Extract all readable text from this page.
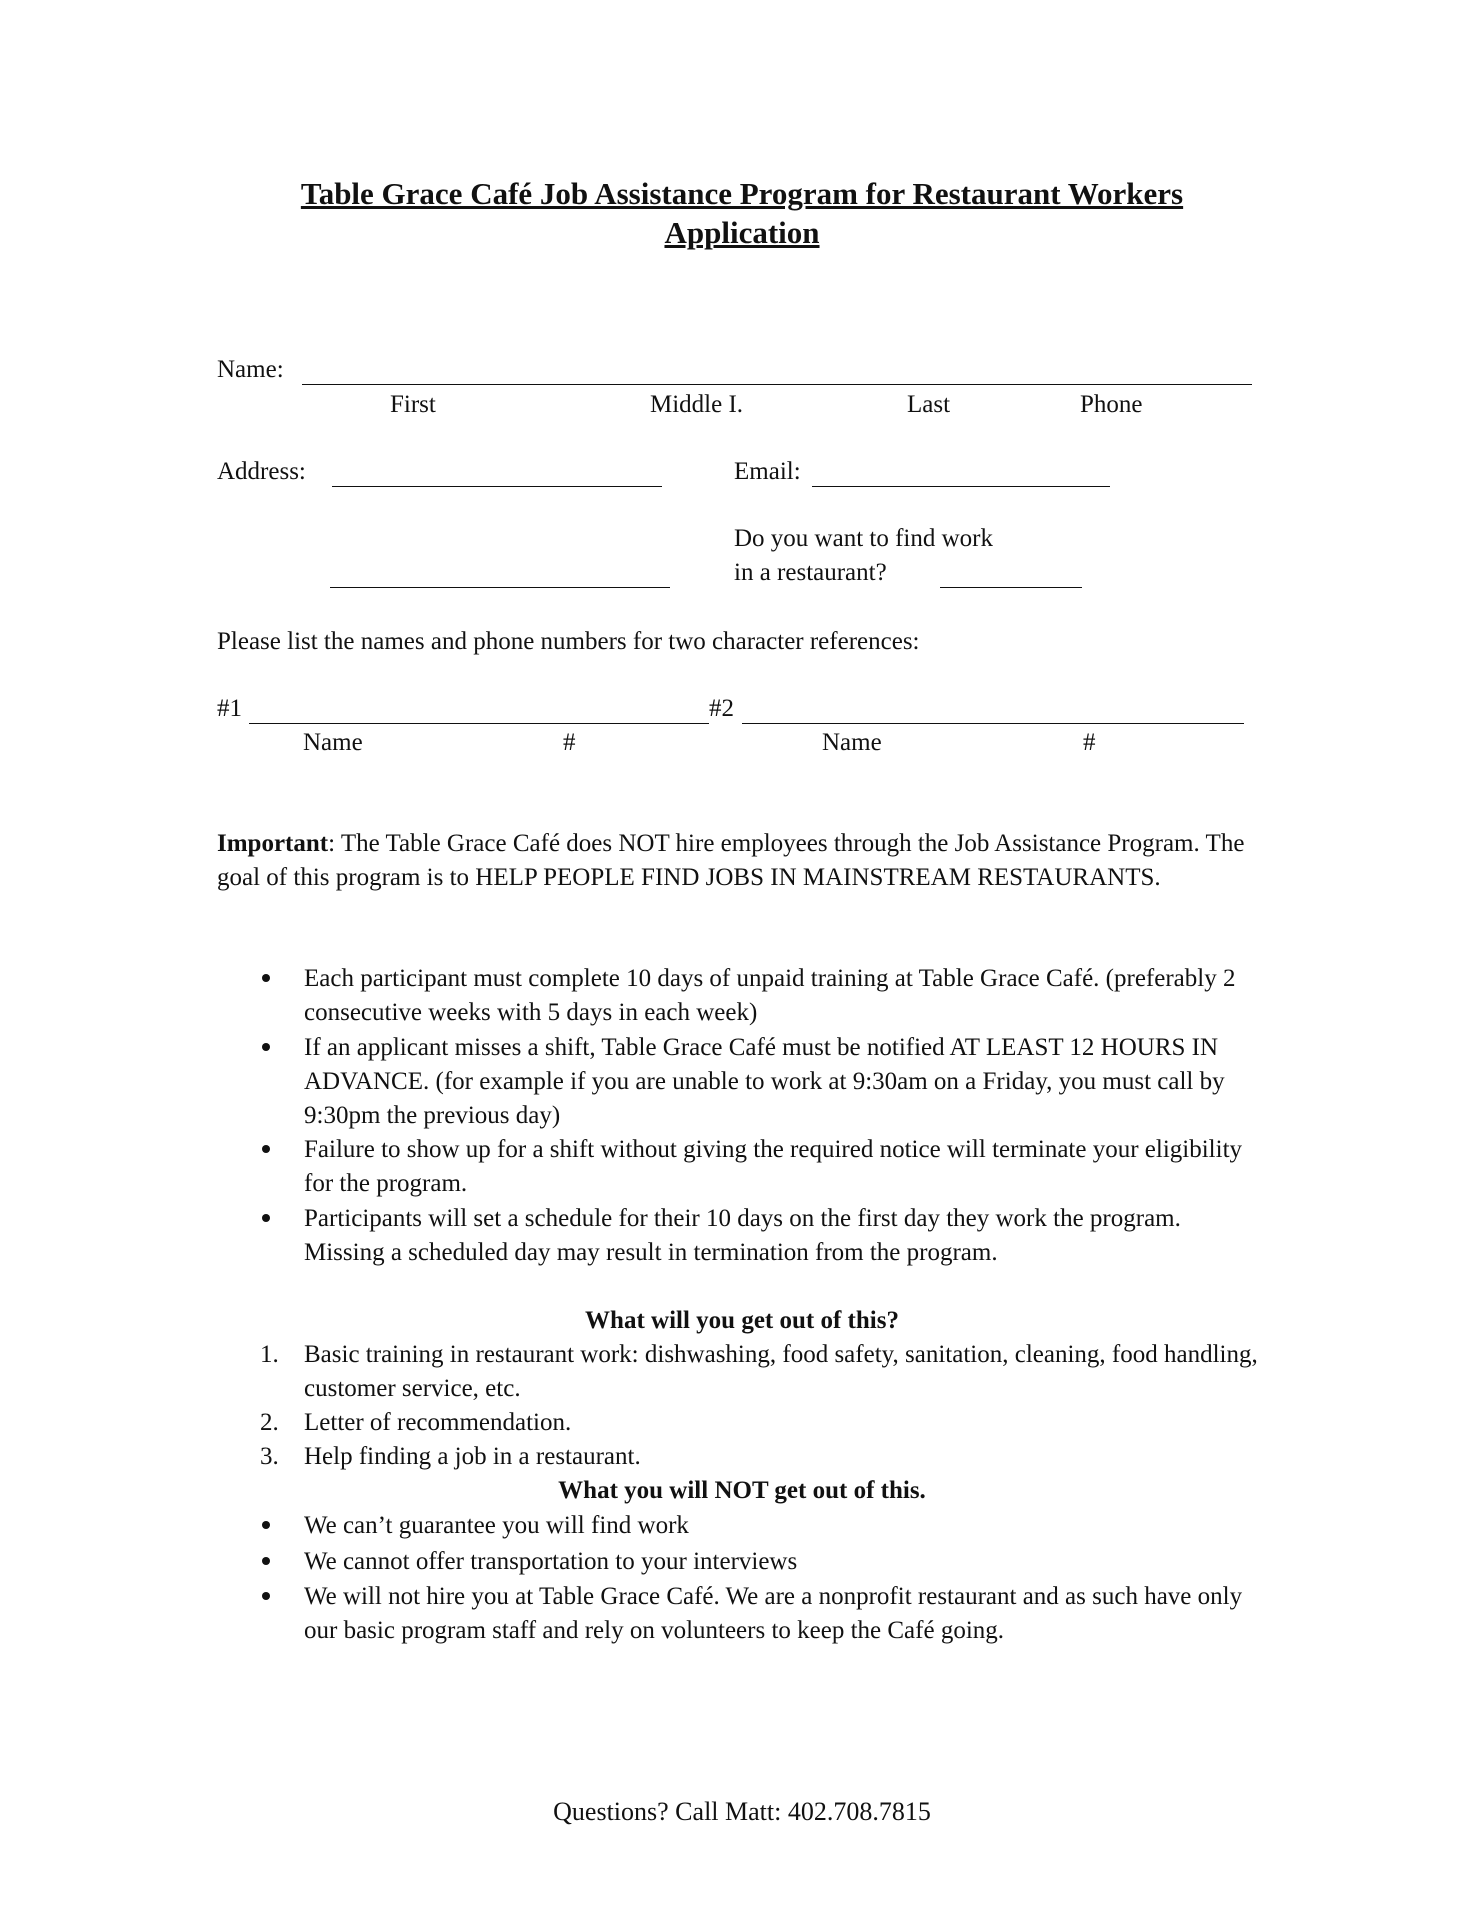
Table Grace Café Job Assistance Program for Restaurant Workers
Application
Name:
First	Middle I.	Last	Phone
Address:	Email:
Do you want to find work
in a restaurant?
Please list the names and phone numbers for two character references:
#1	#2
Name	#	Name	#
Important: The Table Grace Café does NOT hire employees through the Job Assistance Program. The goal of this program is to HELP PEOPLE FIND JOBS IN MAINSTREAM RESTAURANTS.
Each participant must complete 10 days of unpaid training at Table Grace Café. (preferably 2 consecutive weeks with 5 days in each week)
If an applicant misses a shift, Table Grace Café must be notified AT LEAST 12 HOURS IN ADVANCE. (for example if you are unable to work at 9:30am on a Friday, you must call by 9:30pm the previous day)
Failure to show up for a shift without giving the required notice will terminate your eligibility for the program.
Participants will set a schedule for their 10 days on the first day they work the program. Missing a scheduled day may result in termination from the program.
What will you get out of this?
1. Basic training in restaurant work: dishwashing, food safety, sanitation, cleaning, food handling, customer service, etc.
2. Letter of recommendation.
3. Help finding a job in a restaurant.
What you will NOT get out of this.
We can’t guarantee you will find work
We cannot offer transportation to your interviews
We will not hire you at Table Grace Café. We are a nonprofit restaurant and as such have only our basic program staff and rely on volunteers to keep the Café going.
Questions? Call Matt: 402.708.7815
